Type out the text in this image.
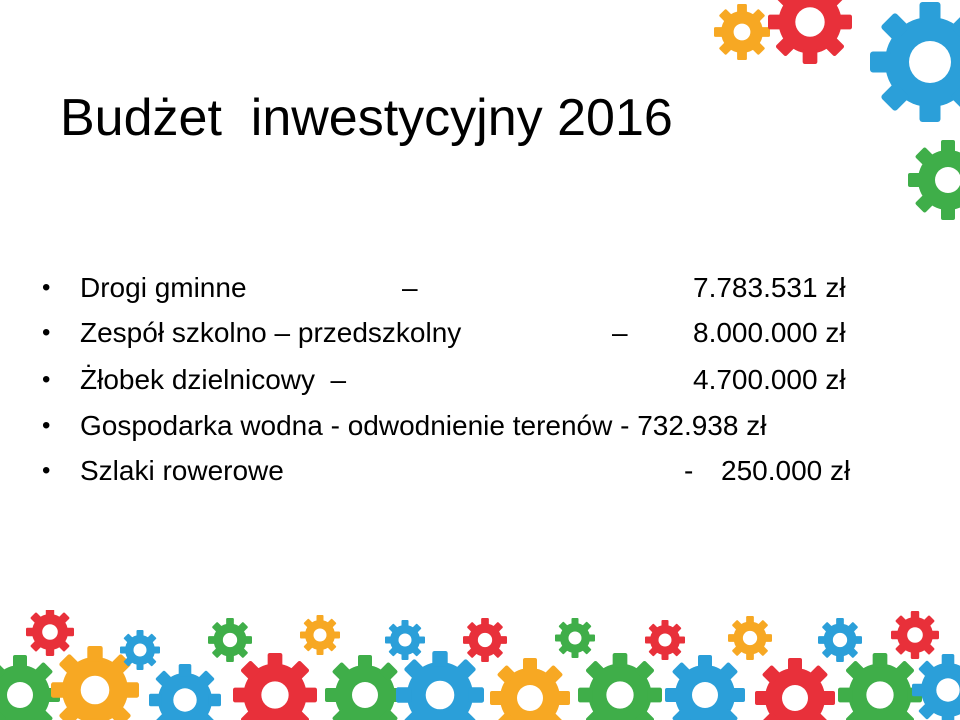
Budżet  inwestycyjny 2016

•

Drogi gminne

	–

	7.783.531 zł

•

Zespół szkolno – przedszkolny

	–

8.000.000 zł

•

Żłobek dzielnicowy  –

	4.700.000 zł

•

Gospodarka wodna - odwodnienie terenów - 732.938 zł

•

Szlaki rowerowe

	-

250.000 zł
